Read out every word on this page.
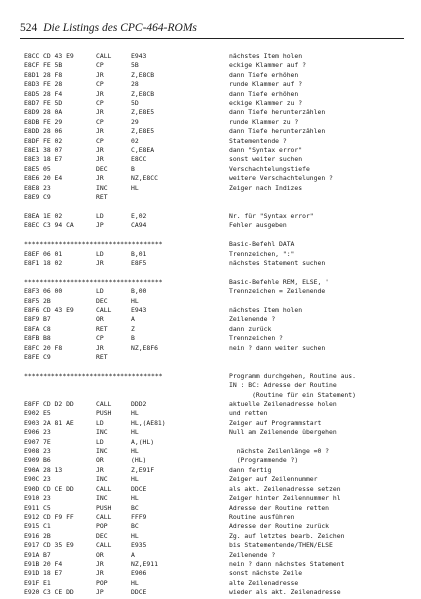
524 Die Listings des CPC-464-ROMs
E8CC CD 43 E9	CALL	E943	nächstes Item holen
E8CF FE 5B	CP	5B	eckige Klammer auf ?
E8D1 28 F8	JR	Z,E8CB	dann Tiefe erhöhen
E8D3 FE 28	CP	28	runde Klammer auf ?
E8D5 28 F4	JR	Z,E8CB	dann Tiefe erhöhen
E8D7 FE 5D	CP	5D	eckige Klammer zu ?
E8D9 28 0A	JR	Z,E8E5	dann Tiefe herunterzählen
E8DB FE 29	CP	29	runde Klammer zu ?
E8DD 28 06	JR	Z,E8E5	dann Tiefe herunterzählen
E8DF FE 02	CP	02	Statementende ?
E8E1 38 07	JR	C,E8EA	dann "Syntax error"
E8E3 18 E7	JR	E8CC	sonst weiter suchen
E8E5 05	DEC	B	Verschachtelungstiefe
E8E6 20 E4	JR	NZ,E8CC	weitere Verschachtelungen ?
E8E8 23	INC	HL	Zeiger nach Indizes
E8E9 C9	RET
E8EA 1E 02	LD	E,02	Nr. für "Syntax error"
E8EC C3 94 CA	JP	CA94	Fehler ausgeben
************************************	Basic-Befehl DATA
E8EF 06 01	LD	B,01	Trennzeichen, ":"
E8F1 18 02	JR	E8F5	nächstes Statement suchen
************************************	Basic-Befehle REM, ELSE, '
E8F3 06 00	LD	B,00	Trennzeichen = Zeilenende
E8F5 2B	DEC	HL
E8F6 CD 43 E9	CALL	E943	nächstes Item holen
E8F9 B7	OR	A	Zeilenende ?
E8FA C8	RET	Z	dann zurück
E8FB B8	CP	B	Trennzeichen ?
E8FC 20 F8	JR	NZ,E8F6	nein ? dann weiter suchen
E8FE C9	RET
************************************	Programm durchgehen, Routine aus.
IN : BC: Adresse der Routine
(Routine für ein Statement)
E8FF CD D2 DD	CALL	DDD2	aktuelle Zeilenadresse holen
E902 E5	PUSH	HL	und retten
E903 2A 81 AE	LD	HL,(AE81)	Zeiger auf Programmstart
E906 23	INC	HL	Null am Zeilenende übergehen
E907 7E	LD	A,(HL)
E908 23	INC	HL	nächste Zeilenlänge =0 ?
E909 B6	OR	(HL)	(Programmende ?)
E90A 28 13	JR	Z,E91F	dann fertig
E90C 23	INC	HL	Zeiger auf Zeilennummer
E90D CD CE DD	CALL	DDCE	als akt. Zeilenadresse setzen
E910 23	INC	HL	Zeiger hinter Zeilennummer hl
E911 C5	PUSH	BC	Adresse der Routine retten
E912 CD F9 FF	CALL	FFF9	Routine ausführen
E915 C1	POP	BC	Adresse der Routine zurück
E916 2B	DEC	HL	Zg. auf letztes bearb. Zeichen
E917 CD 35 E9	CALL	E935	bis Statementende/THEN/ELSE
E91A B7	OR	A	Zeilenende ?
E91B 20 F4	JR	NZ,E911	nein ? dann nächstes Statement
E91D 18 E7	JR	E906	sonst nächste Zeile
E91F E1	POP	HL	alte Zeilenadresse
E920 C3 CE DD	JP	DDCE	wieder als akt. Zeilenadresse
